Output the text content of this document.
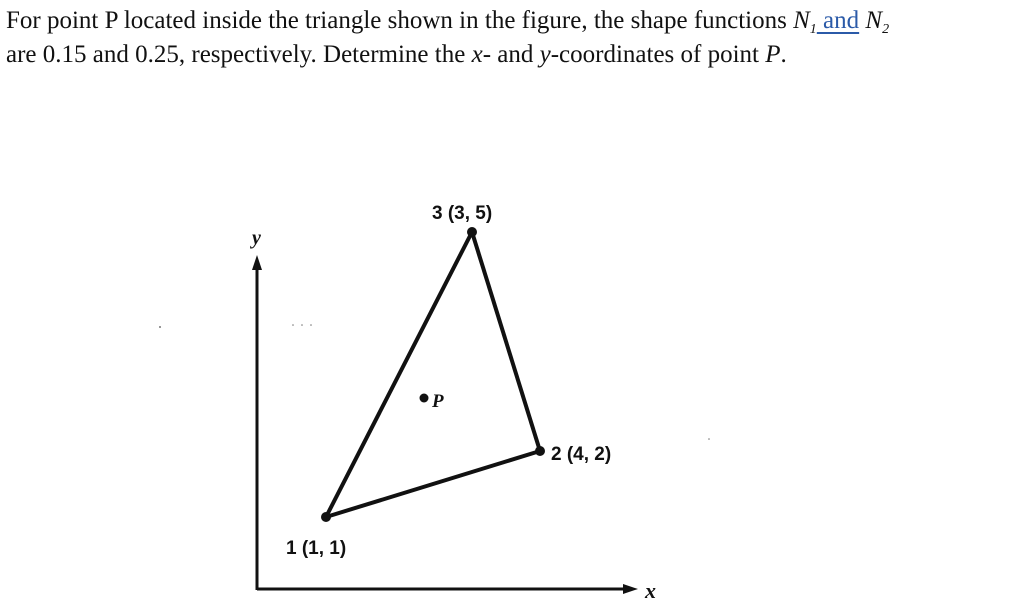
For point P located inside the triangle shown in the figure, the shape functions $N_1$ and $N_2$
are 0.15 and 0.25, respectively. Determine the x- and y-coordinates of point P.

y
x
P
3 (3, 5)
2 (4, 2)
1 (1, 1)
